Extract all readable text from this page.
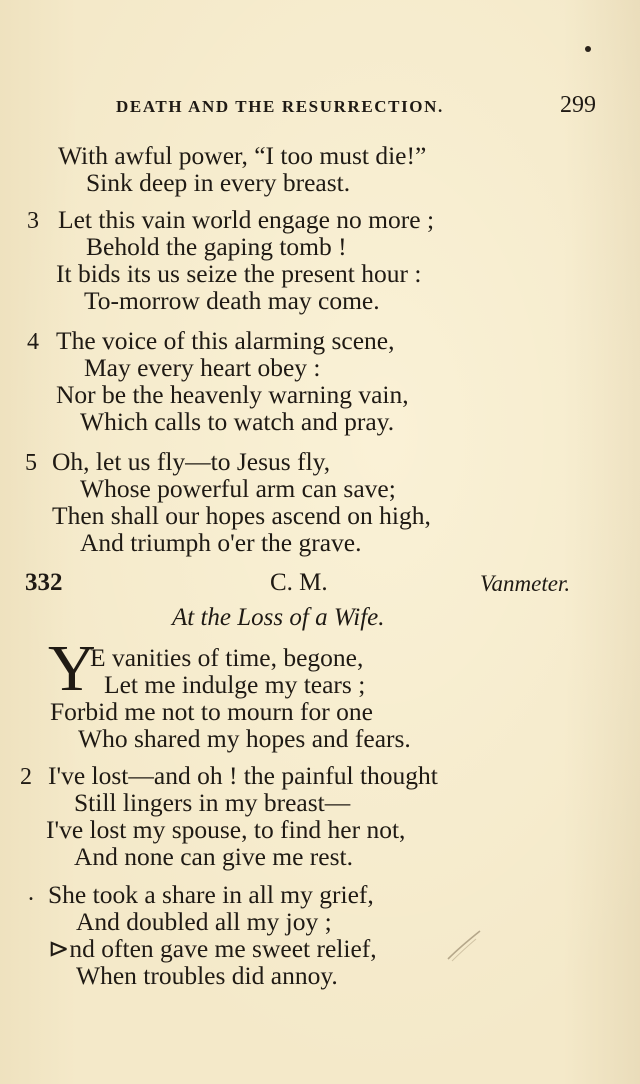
DEATH AND THE RESURRECTION.	299
With awful power, “I too must die!”
Sink deep in every breast.
3 Let this vain world engage no more ;
Behold the gaping tomb !
It bids its us seize the present hour :
To-morrow death may come.
4 The voice of this alarming scene,
May every heart obey :
Nor be the heavenly warning vain,
Which calls to watch and pray.
5 Oh, let us fly—to Jesus fly,
Whose powerful arm can save;
Then shall our hopes ascend on high,
And triumph o'er the grave.
332	C. M.	Vanmeter.
At the Loss of a Wife.
Y
E vanities of time, begone,
Let me indulge my tears ;
Forbid me not to mourn for one
Who shared my hopes and fears.
2 I've lost—and oh ! the painful thought
Still lingers in my breast—
I've lost my spouse, to find her not,
And none can give me rest.
. She took a share in all my grief,
And doubled all my joy ;
⊳nd often gave me sweet relief,
When troubles did annoy.
